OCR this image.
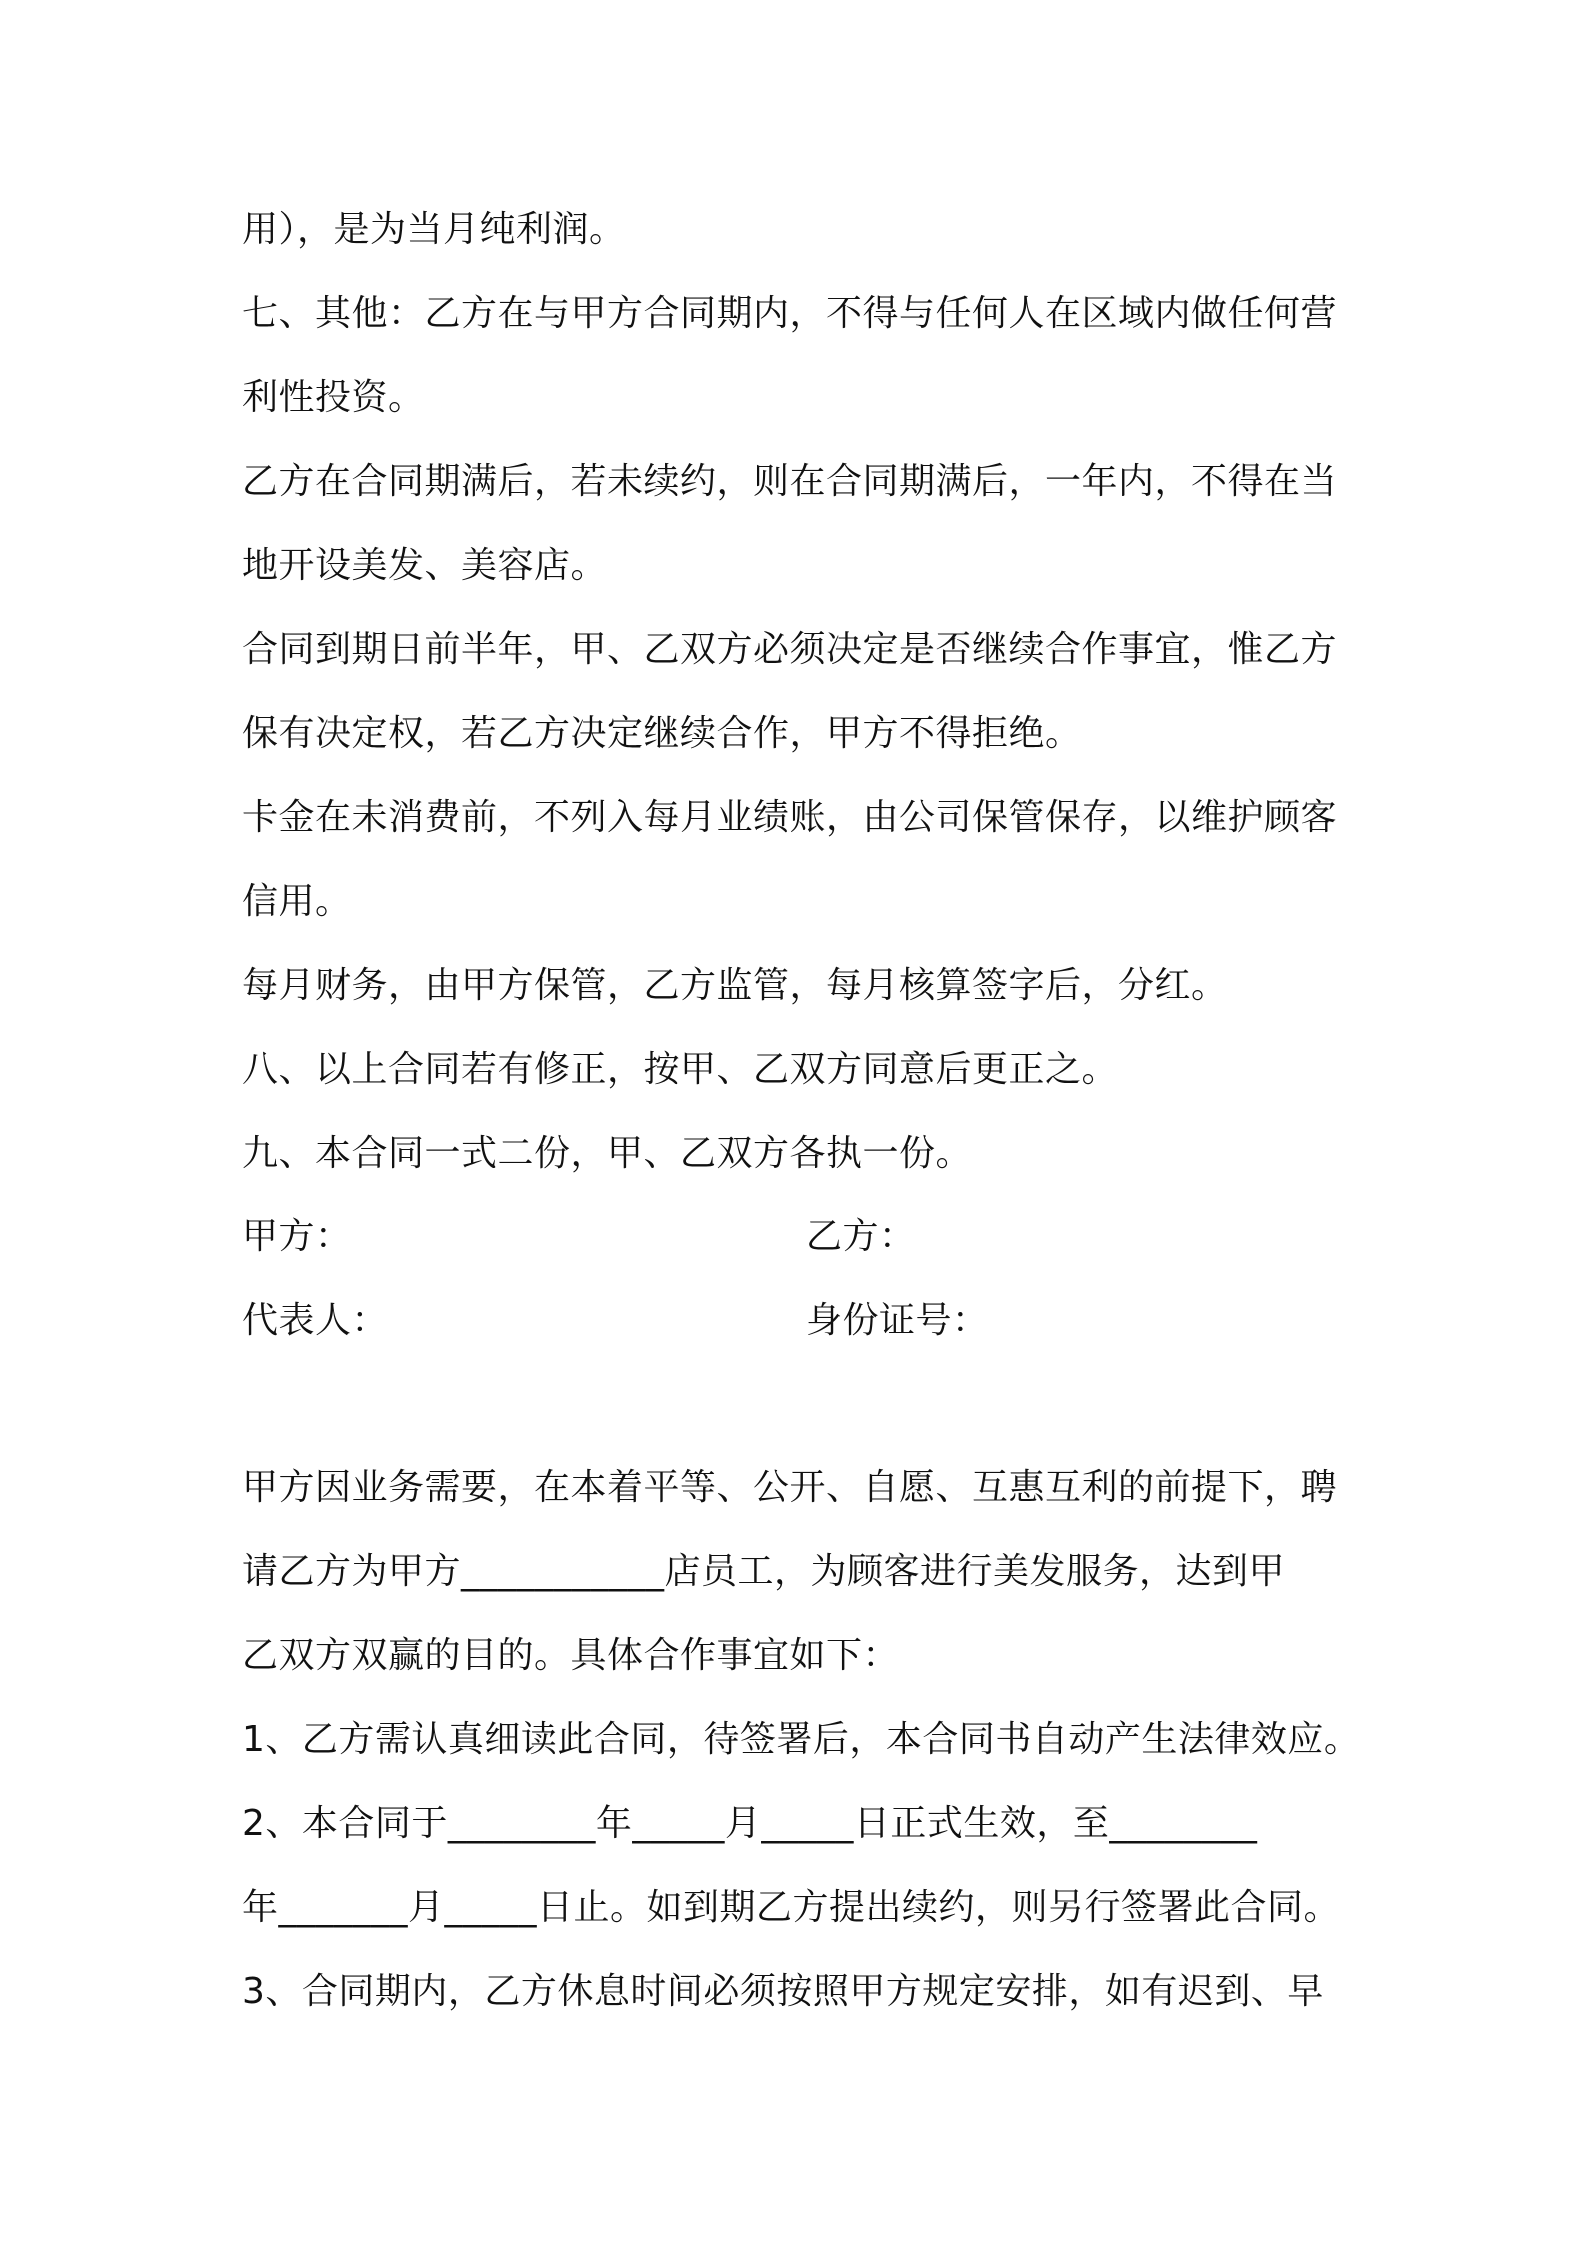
用），是为当月纯利润。
七、其他：乙方在与甲方合同期内，不得与任何人在区域内做任何营
利性投资。
乙方在合同期满后，若未续约，则在合同期满后，一年内，不得在当
地开设美发、美容店。
合同到期日前半年，甲、乙双方必须决定是否继续合作事宜，惟乙方
保有决定权，若乙方决定继续合作，甲方不得拒绝。
卡金在未消费前，不列入每月业绩账，由公司保管保存，以维护顾客
信用。
每月财务，由甲方保管，乙方监管，每月核算签字后，分红。
八、以上合同若有修正，按甲、乙双方同意后更正之。
九、本合同一式二份，甲、乙双方各执一份。
甲方：	乙方：
代表人：	身份证号：
甲方因业务需要，在本着平等、公开、自愿、互惠互利的前提下，聘
请乙方为甲方___________店员工，为顾客进行美发服务，达到甲
乙双方双赢的目的。具体合作事宜如下：
1、乙方需认真细读此合同，待签署后，本合同书自动产生法律效应。
2、本合同于________年_____月_____日正式生效，至________
年_______月_____日止。如到期乙方提出续约，则另行签署此合同。
3、合同期内，乙方休息时间必须按照甲方规定安排，如有迟到、早
